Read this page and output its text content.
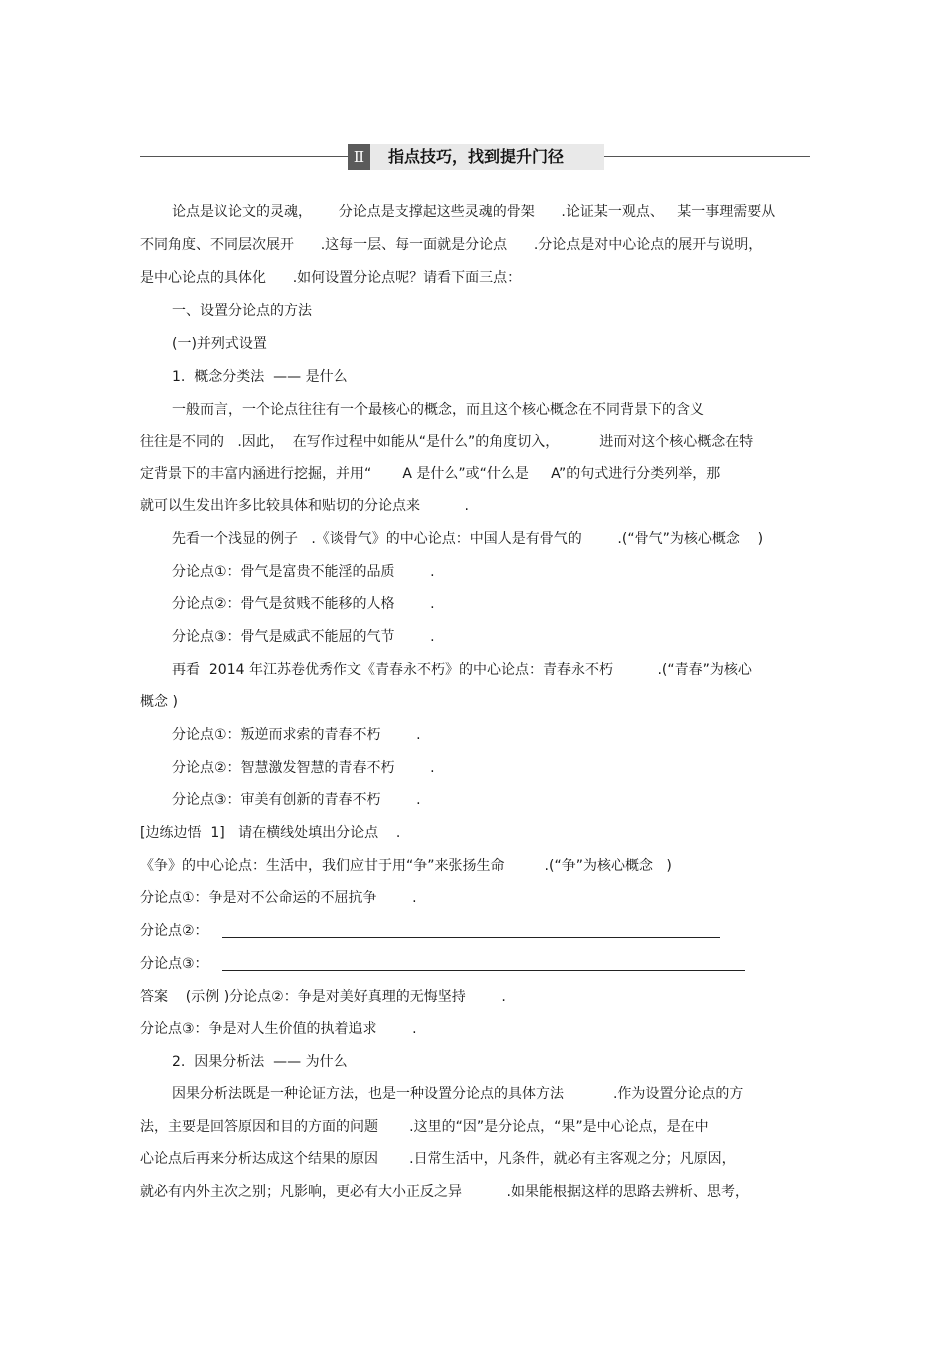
Ⅱ	指点技巧，找到提升门径
论点是议论文的灵魂，      分论点是支撑起这些灵魂的骨架      .论证某一观点、   某一事理需要从
不同角度、不同层次展开      .这每一层、每一面就是分论点      .分论点是对中心论点的展开与说明，
是中心论点的具体化      .如何设置分论点呢？请看下面三点：
一、设置分论点的方法
(一)并列式设置
1.  概念分类法  —— 是什么
一般而言，一个论点往往有一个最核心的概念，而且这个核心概念在不同背景下的含义
往往是不同的   .因此，  在写作过程中如能从“是什么”的角度切入，         进而对这个核心概念在特
定背景下的丰富内涵进行挖掘，并用“       A 是什么”或“什么是     A”的句式进行分类列举，那
就可以生发出许多比较具体和贴切的分论点来          .
先看一个浅显的例子   .《谈骨气》的中心论点：中国人是有骨气的        .(“骨气”为核心概念    )
分论点①：骨气是富贵不能淫的品质        .
分论点②：骨气是贫贱不能移的人格        .
分论点③：骨气是威武不能屈的气节        .
再看  2014 年江苏卷优秀作文《青春永不朽》的中心论点：青春永不朽          .(“青春”为核心
概念 )
分论点①：叛逆而求索的青春不朽        .
分论点②：智慧激发智慧的青春不朽        .
分论点③：审美有创新的青春不朽        .
[边练边悟  1]   请在横线处填出分论点    .
《争》的中心论点：生活中，我们应甘于用“争”来张扬生命         .(“争”为核心概念   )
分论点①：争是对不公命运的不屈抗争        .
分论点②：
分论点③：
答案    (示例 )分论点②：争是对美好真理的无悔坚持        .
分论点③：争是对人生价值的执着追求        .
2.  因果分析法  —— 为什么
因果分析法既是一种论证方法，也是一种设置分论点的具体方法           .作为设置分论点的方
法，主要是回答原因和目的方面的问题       .这里的“因”是分论点，“果”是中心论点，是在中
心论点后再来分析达成这个结果的原因       .日常生活中，凡条件，就必有主客观之分；凡原因，
就必有内外主次之别；凡影响，更必有大小正反之异          .如果能根据这样的思路去辨析、思考，
